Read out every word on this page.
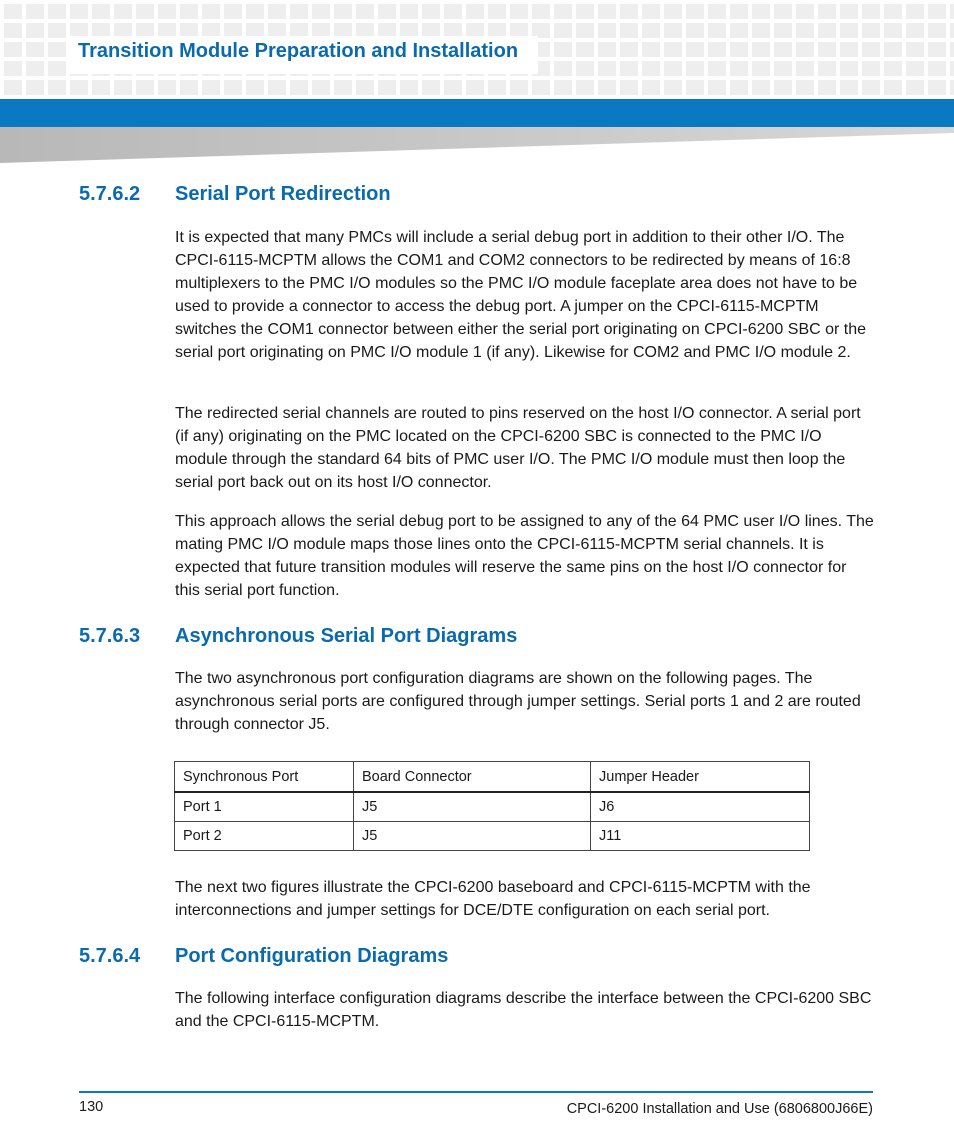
Transition Module Preparation and Installation
5.7.6.2 Serial Port Redirection

It is expected that many PMCs will include a serial debug port in addition to their other I/O. The CPCI-6115-MCPTM allows the COM1 and COM2 connectors to be redirected by means of 16:8 multiplexers to the PMC I/O modules so the PMC I/O module faceplate area does not have to be used to provide a connector to access the debug port. A jumper on the CPCI-6115-MCPTM switches the COM1 connector between either the serial port originating on CPCI-6200 SBC or the serial port originating on PMC I/O module 1 (if any). Likewise for COM2 and PMC I/O module 2.

The redirected serial channels are routed to pins reserved on the host I/O connector. A serial port (if any) originating on the PMC located on the CPCI-6200 SBC is connected to the PMC I/O module through the standard 64 bits of PMC user I/O. The PMC I/O module must then loop the serial port back out on its host I/O connector.

This approach allows the serial debug port to be assigned to any of the 64 PMC user I/O lines. The mating PMC I/O module maps those lines onto the CPCI-6115-MCPTM serial channels. It is expected that future transition modules will reserve the same pins on the host I/O connector for this serial port function.

5.7.6.3 Asynchronous Serial Port Diagrams

The two asynchronous port configuration diagrams are shown on the following pages. The asynchronous serial ports are configured through jumper settings. Serial ports 1 and 2 are routed through connector J5.

Synchronous Port	Board Connector	Jumper Header
Port 1	J5	J6
Port 2	J5	J11

The next two figures illustrate the CPCI-6200 baseboard and CPCI-6115-MCPTM with the interconnections and jumper settings for DCE/DTE configuration on each serial port.

5.7.6.4 Port Configuration Diagrams

The following interface configuration diagrams describe the interface between the CPCI-6200 SBC and the CPCI-6115-MCPTM.

130	CPCI-6200 Installation and Use (6806800J66E)
